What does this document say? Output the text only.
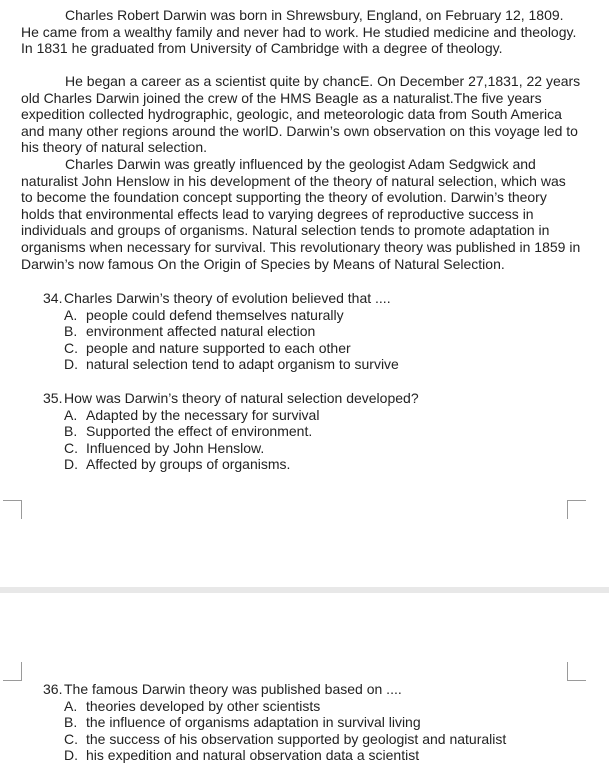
Charles Robert Darwin was born in Shrewsbury, England, on February 12, 1809. He came from a wealthy family and never had to work. He studied medicine and theology. In 1831 he graduated from University of Cambridge with a degree of theology.

He began a career as a scientist quite by chancE. On December 27,1831, 22 years old Charles Darwin joined the crew of the HMS Beagle as a naturalist.The five years expedition collected hydrographic, geologic, and meteorologic data from South America and many other regions around the worlD. Darwin’s own observation on this voyage led to his theory of natural selection.

Charles Darwin was greatly influenced by the geologist Adam Sedgwick and naturalist John Henslow in his development of the theory of natural selection, which was to become the foundation concept supporting the theory of evolution. Darwin’s theory holds that environmental effects lead to varying degrees of reproductive success in individuals and groups of organisms. Natural selection tends to promote adaptation in organisms when necessary for survival. This revolutionary theory was published in 1859 in Darwin’s now famous On the Origin of Species by Means of Natural Selection.

34. Charles Darwin’s theory of evolution believed that ....
A. people could defend themselves naturally
B. environment affected natural election
C. people and nature supported to each other
D. natural selection tend to adapt organism to survive
35. How was Darwin’s theory of natural selection developed?
A. Adapted by the necessary for survival
B. Supported the effect of environment.
C. Influenced by John Henslow.
D. Affected by groups of organisms.
36. The famous Darwin theory was published based on ....
A. theories developed by other scientists
B. the influence of organisms adaptation in survival living
C. the success of his observation supported by geologist and naturalist
D. his expedition and natural observation data a scientist
